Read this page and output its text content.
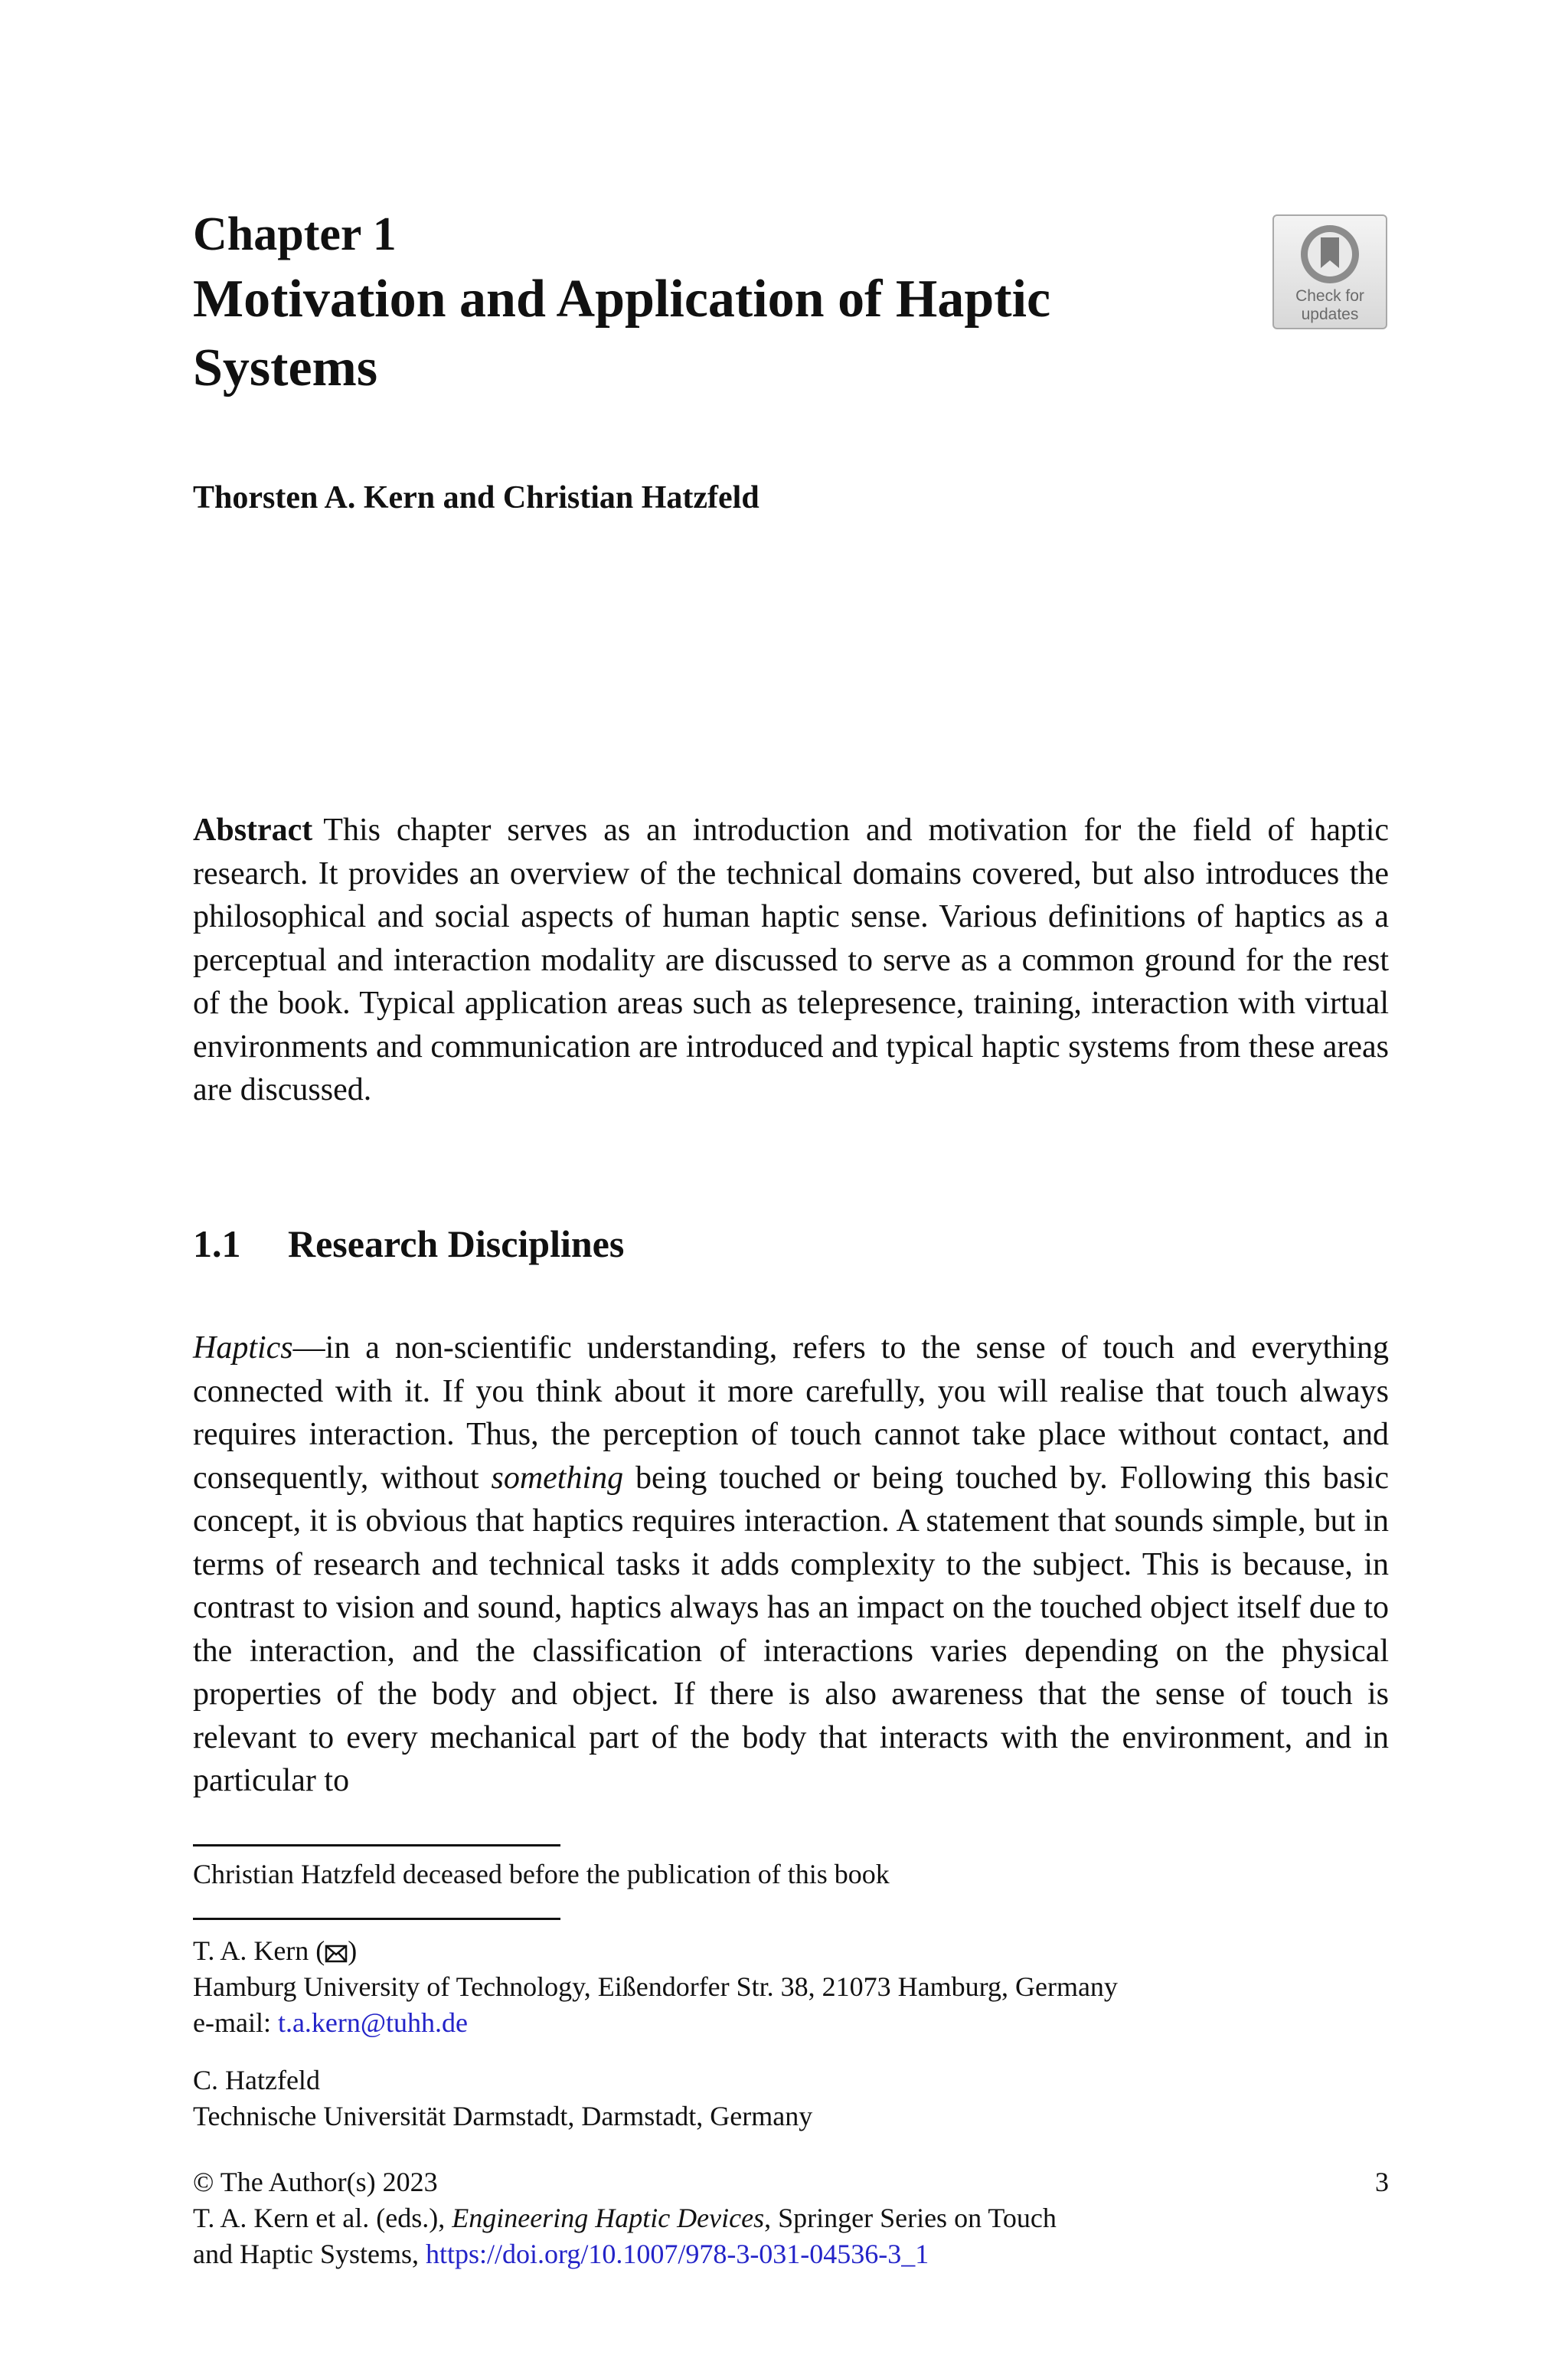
Chapter 1
Motivation and Application of Haptic
Systems
Check for
updates
Thorsten A. Kern and Christian Hatzfeld
Abstract This chapter serves as an introduction and motivation for the field of haptic research. It provides an overview of the technical domains covered, but also introduces the philosophical and social aspects of human haptic sense. Various definitions of haptics as a perceptual and interaction modality are discussed to serve as a common ground for the rest of the book. Typical application areas such as telepresence, training, interaction with virtual environments and communication are introduced and typical haptic systems from these areas are discussed.
1.1 Research Disciplines
Haptics—in a non-scientific understanding, refers to the sense of touch and everything connected with it. If you think about it more carefully, you will realise that touch always requires interaction. Thus, the perception of touch cannot take place without contact, and consequently, without something being touched or being touched by. Following this basic concept, it is obvious that haptics requires interaction. A statement that sounds simple, but in terms of research and technical tasks it adds complexity to the subject. This is because, in contrast to vision and sound, haptics always has an impact on the touched object itself due to the interaction, and the classification of interactions varies depending on the physical properties of the body and object. If there is also awareness that the sense of touch is relevant to every mechanical part of the body that interacts with the environment, and in particular to
Christian Hatzfeld deceased before the publication of this book
T. A. Kern ( )
Hamburg University of Technology, Eißendorfer Str. 38, 21073 Hamburg, Germany
e-mail: t.a.kern@tuhh.de
C. Hatzfeld
Technische Universität Darmstadt, Darmstadt, Germany
© The Author(s) 2023
T. A. Kern et al. (eds.), Engineering Haptic Devices, Springer Series on Touch
and Haptic Systems, https://doi.org/10.1007/978-3-031-04536-3_1
3
